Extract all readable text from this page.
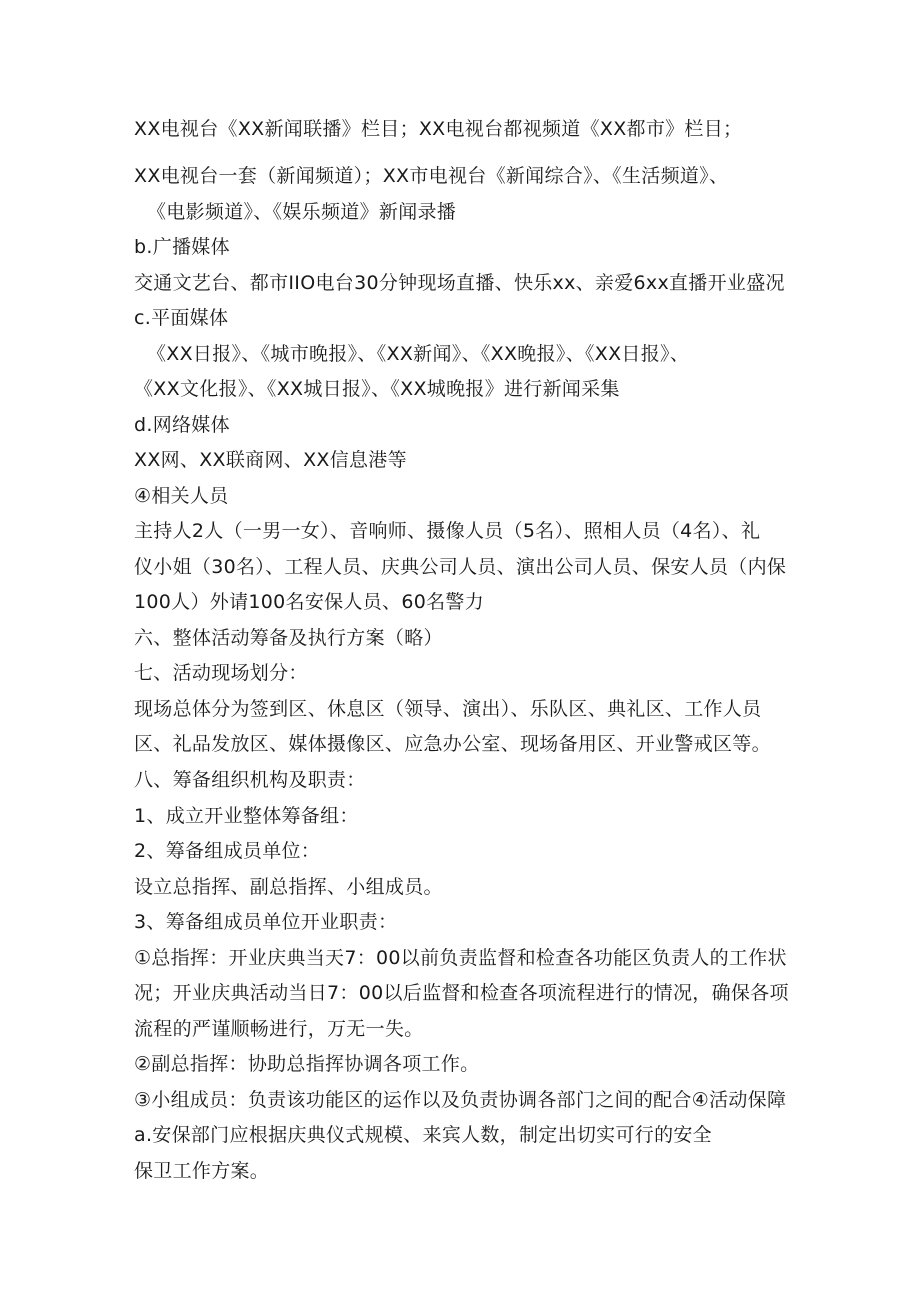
XX电视台《XX新闻联播》栏目；XX电视台都视频道《XX都市》栏目；
XX电视台一套（新闻频道）；XX市电视台《新闻综合》、《生活频道》、
《电影频道》、《娱乐频道》新闻录播
b.广播媒体
交通文艺台、都市IIO电台30分钟现场直播、快乐xx、亲爱6xx直播开业盛况
c.平面媒体
《XX日报》、《城市晚报》、《XX新闻》、《XX晚报》、《XX日报》、
《XX文化报》、《XX城日报》、《XX城晚报》进行新闻采集
d.网络媒体
XX网、XX联商网、XX信息港等
④相关人员
主持人2人（一男一女）、音响师、摄像人员（5名）、照相人员（4名）、礼
仪小姐（30名）、工程人员、庆典公司人员、演出公司人员、保安人员（内保
100人）外请100名安保人员、60名警力
六、整体活动筹备及执行方案（略）
七、活动现场划分：
现场总体分为签到区、休息区（领导、演出）、乐队区、典礼区、工作人员
区、礼品发放区、媒体摄像区、应急办公室、现场备用区、开业警戒区等。
八、筹备组织机构及职责：
1、成立开业整体筹备组：
2、筹备组成员单位：
设立总指挥、副总指挥、小组成员。
3、筹备组成员单位开业职责：
①总指挥：开业庆典当天7：00以前负责监督和检查各功能区负责人的工作状
况；开业庆典活动当日7：00以后监督和检查各项流程进行的情况，确保各项
流程的严谨顺畅进行，万无一失。
②副总指挥：协助总指挥协调各项工作。
③小组成员：负责该功能区的运作以及负责协调各部门之间的配合④活动保障
a.安保部门应根据庆典仪式规模、来宾人数，制定出切实可行的安全
保卫工作方案。
